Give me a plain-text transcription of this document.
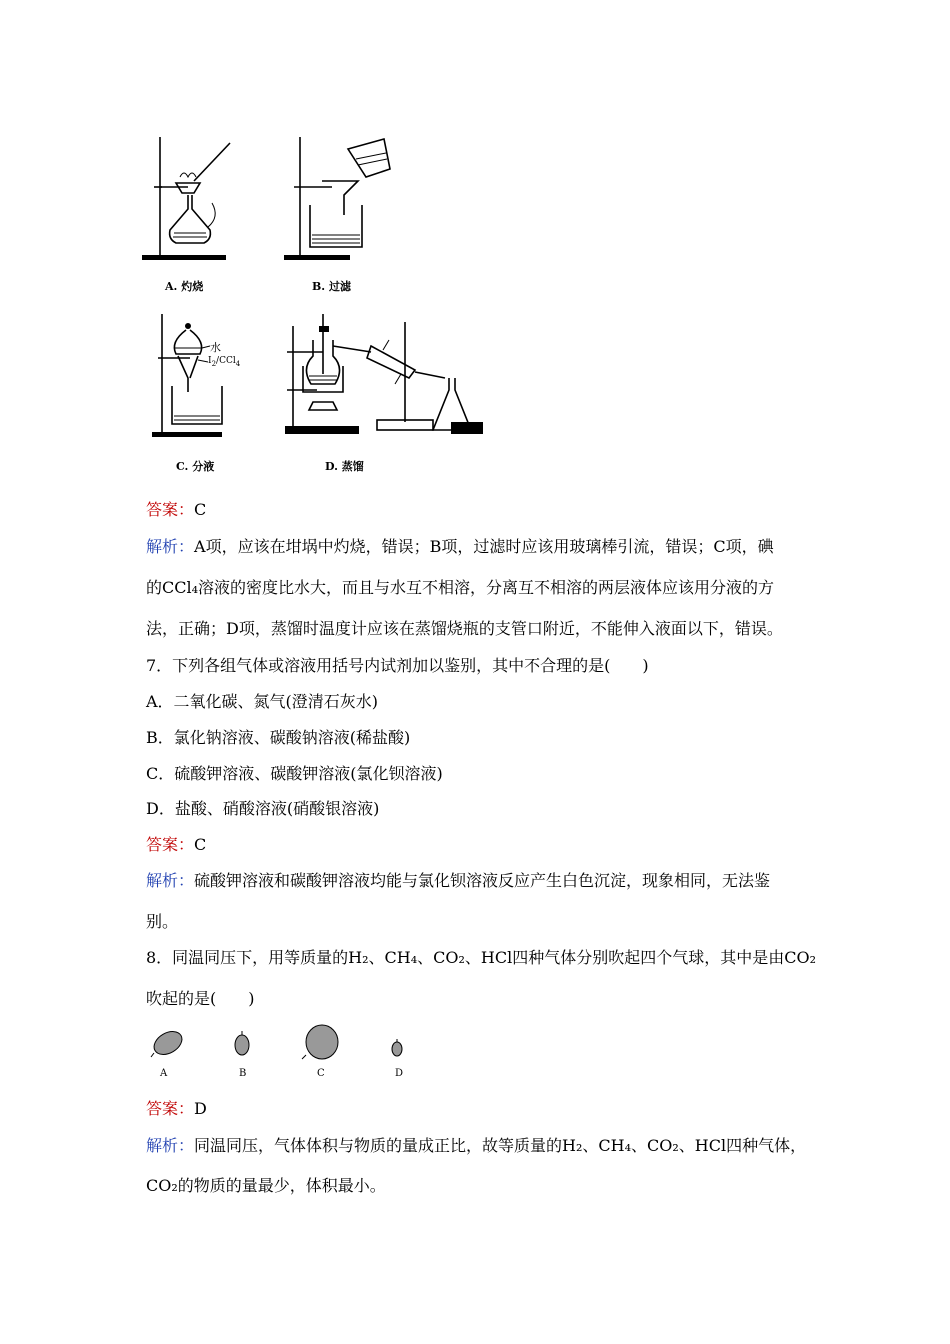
A. 灼烧	B. 过滤
水
$I_2/CCl_4$
C. 分液	D. 蒸馏
答案：C
解析：A项，应该在坩埚中灼烧，错误；B项，过滤时应该用玻璃棒引流，错误；C项，碘
的CCl₄溶液的密度比水大，而且与水互不相溶，分离互不相溶的两层液体应该用分液的方
法，正确；D项，蒸馏时温度计应该在蒸馏烧瓶的支管口附近，不能伸入液面以下，错误。
7．下列各组气体或溶液用括号内试剂加以鉴别，其中不合理的是(　　)
A．二氧化碳、氮气(澄清石灰水)
B．氯化钠溶液、碳酸钠溶液(稀盐酸)
C．硫酸钾溶液、碳酸钾溶液(氯化钡溶液)
D．盐酸、硝酸溶液(硝酸银溶液)
答案：C
解析：硫酸钾溶液和碳酸钾溶液均能与氯化钡溶液反应产生白色沉淀，现象相同，无法鉴
别。
8．同温同压下，用等质量的H₂、CH₄、CO₂、HCl四种气体分别吹起四个气球，其中是由CO₂
吹起的是(　　)
A	B	C	D
答案：D
解析：同温同压，气体体积与物质的量成正比，故等质量的H₂、CH₄、CO₂、HCl四种气体，
CO₂的物质的量最少，体积最小。
